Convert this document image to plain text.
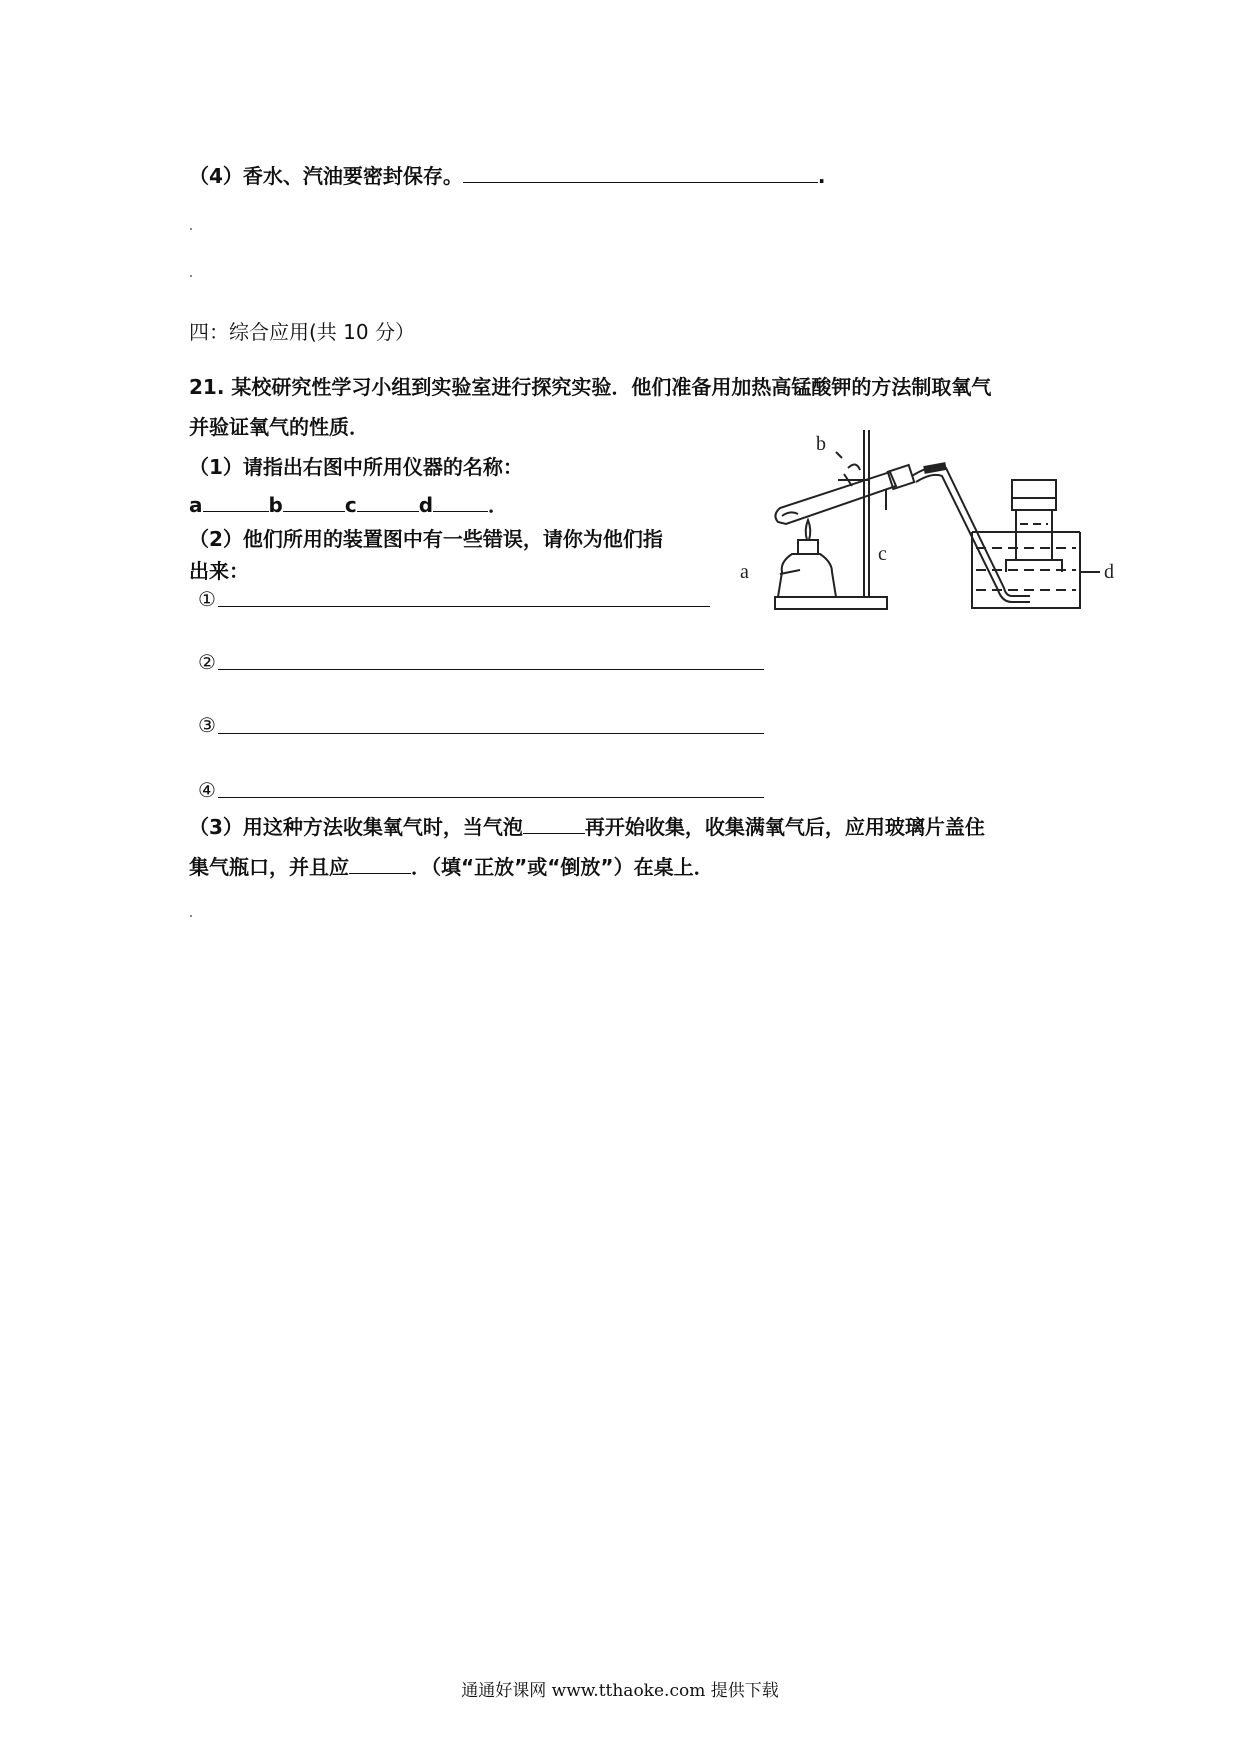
（4）香水、汽油要密封保存。	.
四：综合应用(共 10 分）
21. 某校研究性学习小组到实验室进行探究实验．他们准备用加热高锰酸钾的方法制取氧气
并验证氧气的性质．
（1）请指出右图中所用仪器的名称：
a	b	c	d	．
（2）他们所用的装置图中有一些错误，请你为他们指
出来：
①
②
③
④
（3）用这种方法收集氧气时，当气泡	再开始收集，收集满氧气后，应用玻璃片盖住
集气瓶口，并且应	．（填“正放”或“倒放”）在桌上．
a
b
c
d
通通好课网 www.tthaoke.com 提供下载
